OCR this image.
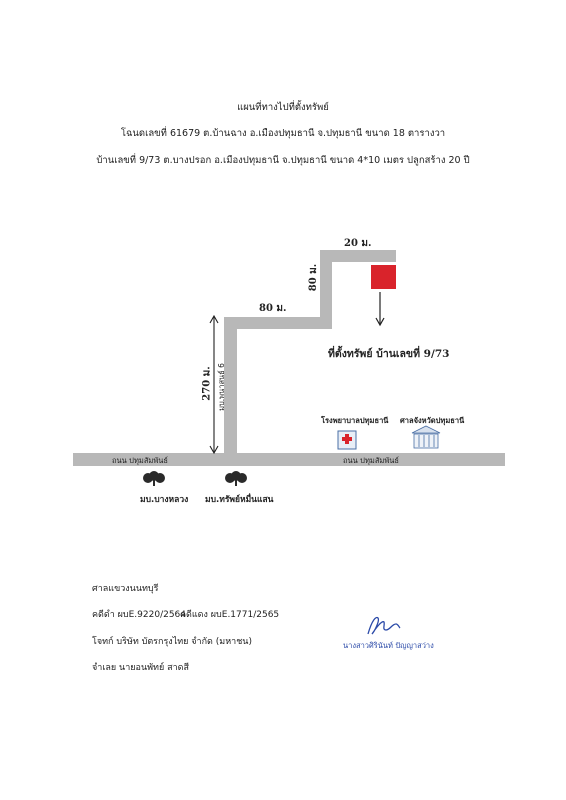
แผนที่ทางไปที่ตั้งทรัพย์
โฉนดเลขที่ 61679 ต.บ้านฉาง อ.เมืองปทุมธานี จ.ปทุมธานี ขนาด 18 ตารางวา
บ้านเลขที่ 9/73 ต.บางปรอก อ.เมืองปทุมธานี จ.ปทุมธานี ขนาด 4*10 เมตร ปลูกสร้าง 20 ปี
20 ม.
80 ม.
80 ม.
270 ม. มบ.พนาสนธ์ 6
ที่ตั้งทรัพย์ บ้านเลขที่ 9/73
ถนน ปทุมสัมพันธ์	ถนน ปทุมสัมพันธ์
โรงพยาบาลปทุมธานี ศาลจังหวัดปทุมธานี
มบ.บางหลวง มบ.ทรัพย์หมื่นแสน
ศาลแขวงนนทบุรี
คดีดำ ผบE.9220/2564
คดีแดง ผบE.1771/2565
โจทก์ บริษัท บัตรกรุงไทย จำกัด (มหาชน)
จำเลย นายอนพัทย์ สาดสี
นางสาวศิรินันท์ ปัญญาสว่าง
